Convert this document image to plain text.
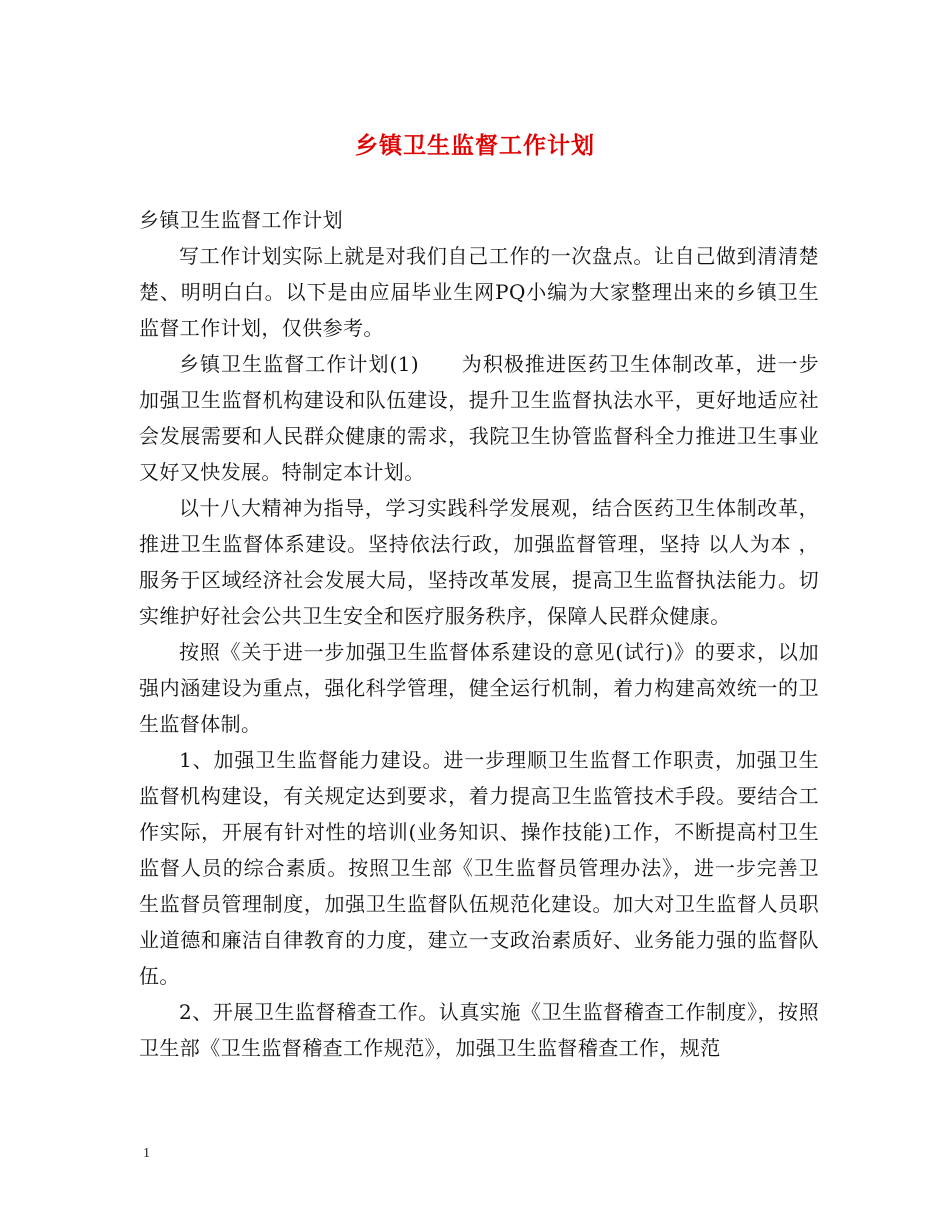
乡镇卫生监督工作计划

乡镇卫生监督工作计划

写工作计划实际上就是对我们自己工作的一次盘点。让自己做到清清楚楚、明明白白。以下是由应届毕业生网PQ小编为大家整理出来的乡镇卫生监督工作计划，仅供参考。

乡镇卫生监督工作计划(1)　　为积极推进医药卫生体制改革，进一步加强卫生监督机构建设和队伍建设，提升卫生监督执法水平，更好地适应社会发展需要和人民群众健康的需求，我院卫生协管监督科全力推进卫生事业又好又快发展。特制定本计划。

以十八大精神为指导，学习实践科学发展观，结合医药卫生体制改革，推进卫生监督体系建设。坚持依法行政，加强监督管理，坚持 以人为本 ，服务于区域经济社会发展大局，坚持改革发展，提高卫生监督执法能力。切实维护好社会公共卫生安全和医疗服务秩序，保障人民群众健康。

按照《关于进一步加强卫生监督体系建设的意见(试行)》的要求，以加强内涵建设为重点，强化科学管理，健全运行机制，着力构建高效统一的卫生监督体制。

1、加强卫生监督能力建设。进一步理顺卫生监督工作职责，加强卫生监督机构建设，有关规定达到要求，着力提高卫生监管技术手段。要结合工作实际，开展有针对性的培训(业务知识、操作技能)工作，不断提高村卫生监督人员的综合素质。按照卫生部《卫生监督员管理办法》，进一步完善卫生监督员管理制度，加强卫生监督队伍规范化建设。加大对卫生监督人员职业道德和廉洁自律教育的力度，建立一支政治素质好、业务能力强的监督队伍。

2、开展卫生监督稽查工作。认真实施《卫生监督稽查工作制度》，按照卫生部《卫生监督稽查工作规范》，加强卫生监督稽查工作，规范

1
